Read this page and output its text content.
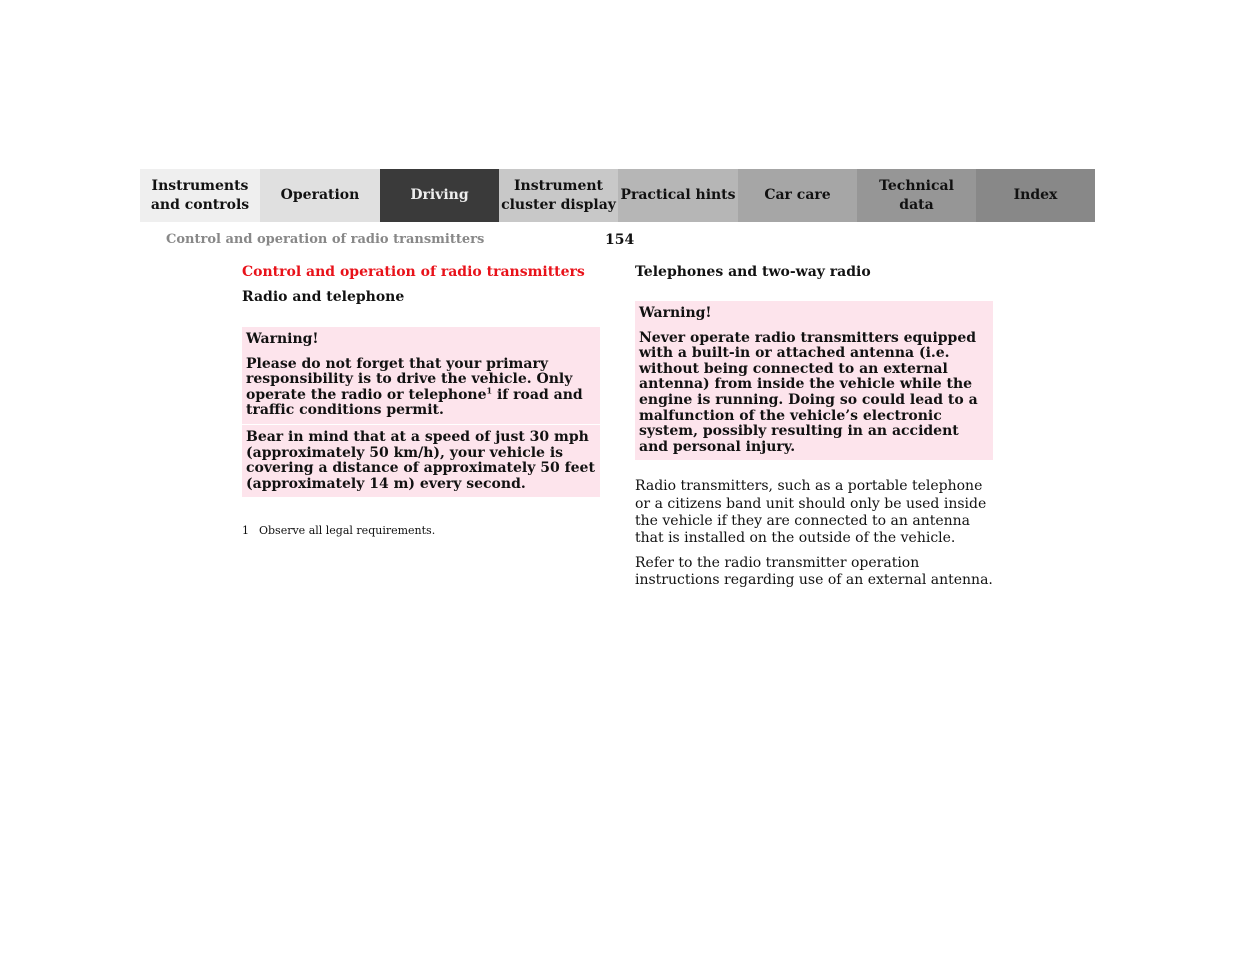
Instruments
and controls
Operation	Driving
Instrument
cluster display
Practical hints	Car care
Technical
data
Index
Control and operation of radio transmitters	154

Control and operation of radio transmitters

Radio and telephone

Warning!
Please do not forget that your primary responsibility is to drive the vehicle. Only operate the radio or telephone$^1$ if road and traffic conditions permit.
Bear in mind that at a speed of just 30 mph (approximately 50 km/h), your vehicle is covering a distance of approximately 50 feet (approximately 14 m) every second.
1 Observe all legal requirements.

Telephones and two-way radio

Warning!
Never operate radio transmitters equipped with a built-in or attached antenna (i.e. without being connected to an external antenna) from inside the vehicle while the engine is running. Doing so could lead to a malfunction of the vehicle’s electronic system, possibly resulting in an accident and personal injury.

Radio transmitters, such as a portable telephone or a citizens band unit should only be used inside the vehicle if they are connected to an antenna that is installed on the outside of the vehicle.

Refer to the radio transmitter operation instructions regarding use of an external antenna.
